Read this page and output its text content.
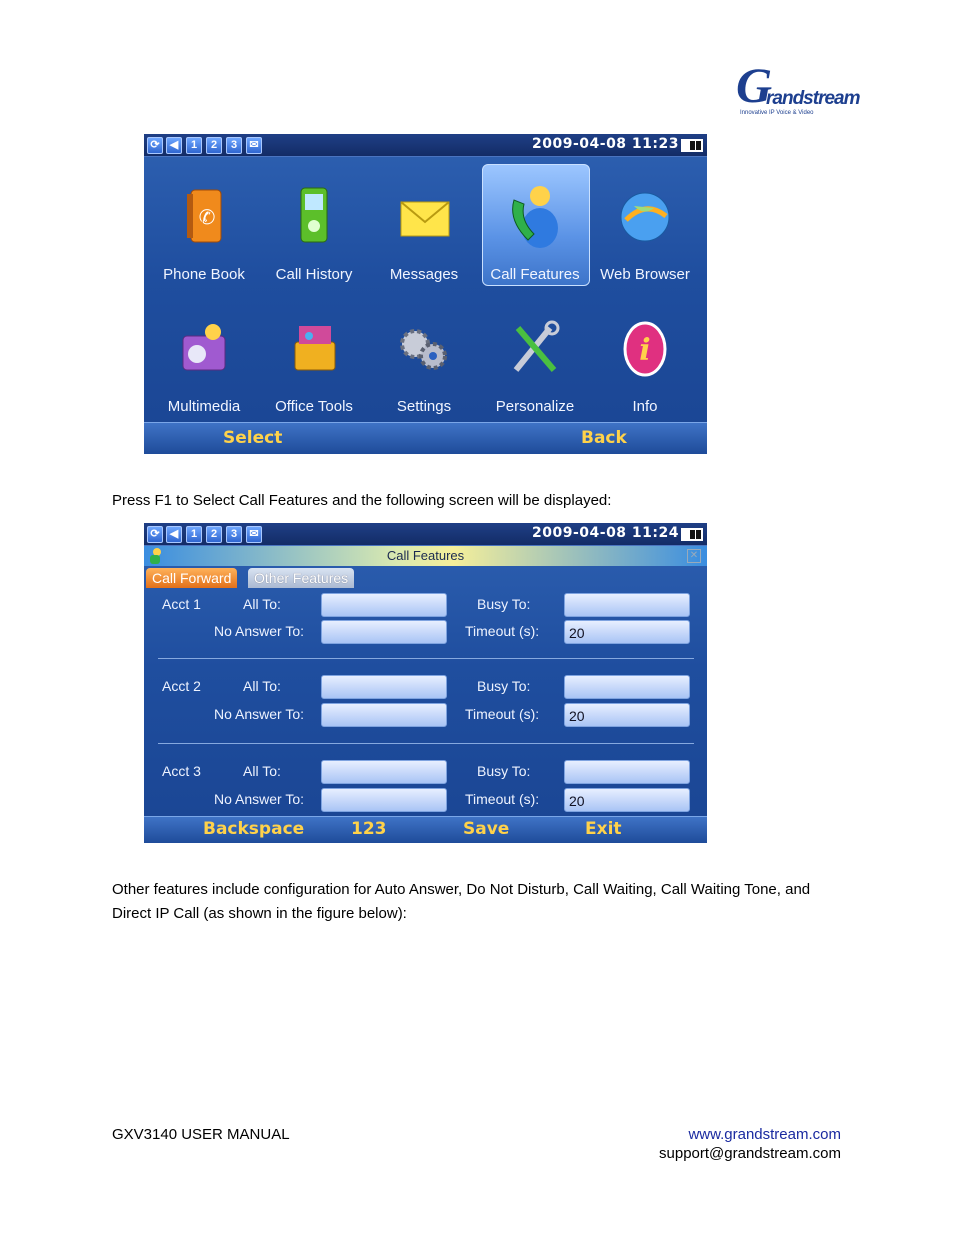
G
randstream
Innovative IP Voice & Video
⟳ ◀	1	2	3	✉	2009-04-08 11:23
✆
Phone Book	Call History	Messages	Call Features	Web Browser
Multimedia	Office Tools	Settings	Personalize
i
Info
Select	Back
Press F1 to Select Call Features and the following screen will be displayed:
⟳ ◀	1	2	3	✉	2009-04-08 11:24
Call Features	✕
Call Forward	Other Features
Acct 1	All To:	Busy To:
No Answer To:	Timeout (s):	20
Acct 2	All To:	Busy To:
No Answer To:	Timeout (s):	20
Acct 3	All To:	Busy To:
No Answer To:	Timeout (s):	20
Backspace	123	Save	Exit
Other features include configuration for Auto Answer, Do Not Disturb, Call Waiting, Call Waiting Tone, and
Direct IP Call (as shown in the figure below):
GXV3140 USER MANUAL	www.grandstream.com
support@grandstream.com
